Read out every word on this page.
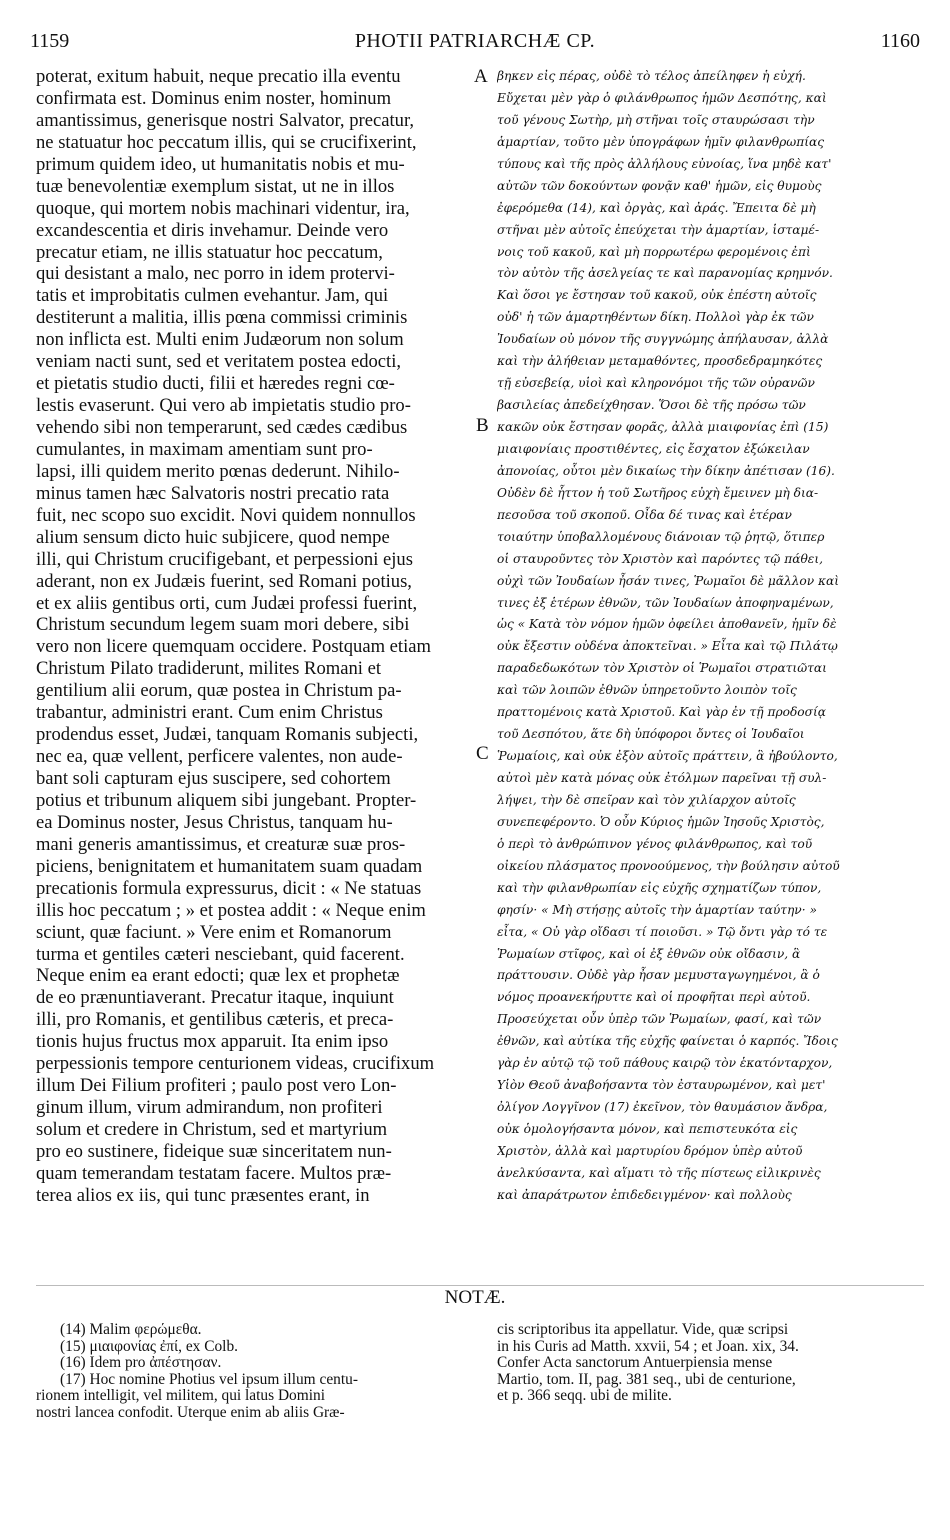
1159	PHOTII PATRIARCHÆ CP.	1160
poterat, exitum habuit, neque precatio illa eventu
confirmata est. Dominus enim noster, hominum
amantissimus, generisque nostri Salvator, precatur,
ne statuatur hoc peccatum illis, qui se crucifixerint,
primum quidem ideo, ut humanitatis nobis et mu-
tuæ benevolentiæ exemplum sistat, ut ne in illos
quoque, qui mortem nobis machinari videntur, ira,
excandescentia et diris invehamur. Deinde vero
precatur etiam, ne illis statuatur hoc peccatum,
qui desistant a malo, nec porro in idem protervi-
tatis et improbitatis culmen evehantur. Jam, qui
destiterunt a malitia, illis pœna commissi criminis
non inflicta est. Multi enim Judæorum non solum
veniam nacti sunt, sed et veritatem postea edocti,
et pietatis studio ducti, filii et hæredes regni cœ-
lestis evaserunt. Qui vero ab impietatis studio pro-
vehendo sibi non temperarunt, sed cædes cædibus
cumulantes, in maximam amentiam sunt pro-
lapsi, illi quidem merito pœnas dederunt. Nihilo-
minus tamen hæc Salvatoris nostri precatio rata
fuit, nec scopo suo excidit. Novi quidem nonnullos
alium sensum dicto huic subjicere, quod nempe
illi, qui Christum crucifigebant, et perpessioni ejus
aderant, non ex Judæis fuerint, sed Romani potius,
et ex aliis gentibus orti, cum Judæi professi fuerint,
Christum secundum legem suam mori debere, sibi
vero non licere quemquam occidere. Postquam etiam
Christum Pilato tradiderunt, milites Romani et
gentilium alii eorum, quæ postea in Christum pa-
trabantur, administri erant. Cum enim Christus
prodendus esset, Judæi, tanquam Romanis subjecti,
nec ea, quæ vellent, perficere valentes, non aude-
bant soli capturam ejus suscipere, sed cohortem
potius et tribunum aliquem sibi jungebant. Propter-
ea Dominus noster, Jesus Christus, tanquam hu-
mani generis amantissimus, et creaturæ suæ pros-
piciens, benignitatem et humanitatem suam quadam
precationis formula expressurus, dicit : « Ne statuas
illis hoc peccatum ; » et postea addit : « Neque enim
sciunt, quæ faciunt. » Vere enim et Romanorum
turma et gentiles cæteri nesciebant, quid facerent.
Neque enim ea erant edocti; quæ lex et prophetæ
de eo prænuntiaverant. Precatur itaque, inquiunt
illi, pro Romanis, et gentilibus cæteris, et preca-
tionis hujus fructus mox apparuit. Ita enim ipso
perpessionis tempore centurionem videas, crucifixum
illum Dei Filium profiteri ; paulo post vero Lon-
ginum illum, virum admirandum, non profiteri
solum et credere in Christum, sed et martyrium
pro eo sustinere, fideique suæ sinceritatem nun-
quam temerandam testatam facere. Multos præ-
terea alios ex iis, qui tunc præsentes erant, in
βηκεν εἰς πέρας, οὐδὲ τὸ τέλος ἀπείληφεν ἡ εὐχή.
Εὔχεται μὲν γὰρ ὁ φιλάνθρωπος ἡμῶν Δεσπότης, καὶ
τοῦ γένους Σωτὴρ, μὴ στῆναι τοῖς σταυρώσασι τὴν
ἁμαρτίαν, τοῦτο μὲν ὑπογράφων ἡμῖν φιλανθρωπίας
τύπους καὶ τῆς πρὸς ἀλλήλους εὐνοίας, ἵνα μηδὲ κατ'
αὐτῶν τῶν δοκούντων φονᾷν καθ' ἡμῶν, εἰς θυμοὺς
ἐφερόμεθα (14), καὶ ὀργὰς, καὶ ἀράς. Ἔπειτα δὲ μὴ
στῆναι μὲν αὐτοῖς ἐπεύχεται τὴν ἁμαρτίαν, ἱσταμέ-
νοις τοῦ κακοῦ, καὶ μὴ πορρωτέρω φερομένοις ἐπὶ
τὸν αὐτὸν τῆς ἀσελγείας τε καὶ παρανομίας κρημνόν.
Καὶ ὅσοι γε ἔστησαν τοῦ κακοῦ, οὐκ ἐπέστη αὐτοῖς
οὐδ' ἡ τῶν ἁμαρτηθέντων δίκη. Πολλοὶ γὰρ ἐκ τῶν
Ἰουδαίων οὐ μόνον τῆς συγγνώμης ἀπήλαυσαν, ἀλλὰ
καὶ τὴν ἀλήθειαν μεταμαθόντες, προσδεδραμηκότες
τῇ εὐσεβείᾳ, υἱοὶ καὶ κληρονόμοι τῆς τῶν οὐρανῶν
βασιλείας ἀπεδείχθησαν. Ὅσοι δὲ τῆς πρόσω τῶν
κακῶν οὐκ ἔστησαν φορᾶς, ἀλλὰ μιαιφονίας ἐπὶ (15)
μιαιφονίαις προστιθέντες, εἰς ἔσχατον ἐξώκειλαν
ἀπονοίας, οὗτοι μὲν δικαίως τὴν δίκην ἀπέτισαν (16).
Οὐδὲν δὲ ἧττον ἡ τοῦ Σωτῆρος εὐχὴ ἔμεινεν μὴ δια-
πεσοῦσα τοῦ σκοποῦ. Οἶδα δέ τινας καὶ ἑτέραν
τοιαύτην ὑποβαλλομένους διάνοιαν τῷ ῥητῷ, ὅτιπερ
οἱ σταυροῦντες τὸν Χριστὸν καὶ παρόντες τῷ πάθει,
οὐχὶ τῶν Ἰουδαίων ἦσάν τινες, Ῥωμαῖοι δὲ μᾶλλον καὶ
τινες ἐξ ἑτέρων ἐθνῶν, τῶν Ἰουδαίων ἀποφηναμένων,
ὡς « Κατὰ τὸν νόμον ἡμῶν ὀφείλει ἀποθανεῖν, ἡμῖν δὲ
οὐκ ἔξεστιν οὐδένα ἀποκτεῖναι. » Εἶτα καὶ τῷ Πιλάτῳ
παραδεδωκότων τὸν Χριστὸν οἱ Ῥωμαῖοι στρατιῶται
καὶ τῶν λοιπῶν ἐθνῶν ὑπηρετοῦντο λοιπὸν τοῖς
πραττομένοις κατὰ Χριστοῦ. Καὶ γὰρ ἐν τῇ προδοσίᾳ
τοῦ Δεσπότου, ἅτε δὴ ὑπόφοροι ὄντες οἱ Ἰουδαῖοι
Ῥωμαίοις, καὶ οὐκ ἐξὸν αὐτοῖς πράττειν, ἃ ἠβούλοντο,
αὐτοὶ μὲν κατὰ μόνας οὐκ ἐτόλμων παρεῖναι τῇ συλ-
λήψει, τὴν δὲ σπεῖραν καὶ τὸν χιλίαρχον αὐτοῖς
συνεπεφέροντο. Ὁ οὖν Κύριος ἡμῶν Ἰησοῦς Χριστὸς,
ὁ περὶ τὸ ἀνθρώπινον γένος φιλάνθρωπος, καὶ τοῦ
οἰκείου πλάσματος προνοούμενος, τὴν βούλησιν αὐτοῦ
καὶ τὴν φιλανθρωπίαν εἰς εὐχῆς σχηματίζων τύπον,
φησίν· « Μὴ στήσῃς αὐτοῖς τὴν ἁμαρτίαν ταύτην· »
εἶτα, « Οὐ γὰρ οἴδασι τί ποιοῦσι. » Τῷ ὄντι γὰρ τό τε
Ῥωμαίων στῖφος, καὶ οἱ ἐξ ἐθνῶν οὐκ οἴδασιν, ἃ
πράττουσιν. Οὐδὲ γὰρ ἦσαν μεμυσταγωγημένοι, ἃ ὁ
νόμος προανεκήρυττε καὶ οἱ προφῆται περὶ αὐτοῦ.
Προσεύχεται οὖν ὑπὲρ τῶν Ῥωμαίων, φασί, καὶ τῶν
ἐθνῶν, καὶ αὐτίκα τῆς εὐχῆς φαίνεται ὁ καρπός. Ἴδοις
γὰρ ἐν αὐτῷ τῷ τοῦ πάθους καιρῷ τὸν ἑκατόνταρχον,
Υἱὸν Θεοῦ ἀναβοήσαντα τὸν ἐσταυρωμένον, καὶ μετ'
ὀλίγον Λογγῖνον (17) ἐκεῖνον, τὸν θαυμάσιον ἄνδρα,
οὐκ ὁμολογήσαντα μόνον, καὶ πεπιστευκότα εἰς
Χριστὸν, ἀλλὰ καὶ μαρτυρίου δρόμον ὑπὲρ αὐτοῦ
ἀνελκύσαντα, καὶ αἵματι τὸ τῆς πίστεως εἰλικρινὲς
καὶ ἀπαράτρωτον ἐπιδεδειγμένον· καὶ πολλοὺς
A
B
C
NOTÆ.
(14) Malim φερώμεθα.
(15) μιαιφονίας ἐπί, ex Colb.
(16) Idem pro ἀπέστησαν.
(17) Hoc nomine Photius vel ipsum illum centu-
rionem intelligit, vel militem, qui latus Domini
nostri lancea confodit. Uterque enim ab aliis Græ-
cis scriptoribus ita appellatur. Vide, quæ scripsi
in his Curis ad Matth. xxvii, 54 ; et Joan. xix, 34.
Confer Acta sanctorum Antuerpiensia mense
Martio, tom. II, pag. 381 seq., ubi de centurione,
et p. 366 seqq. ubi de milite.
